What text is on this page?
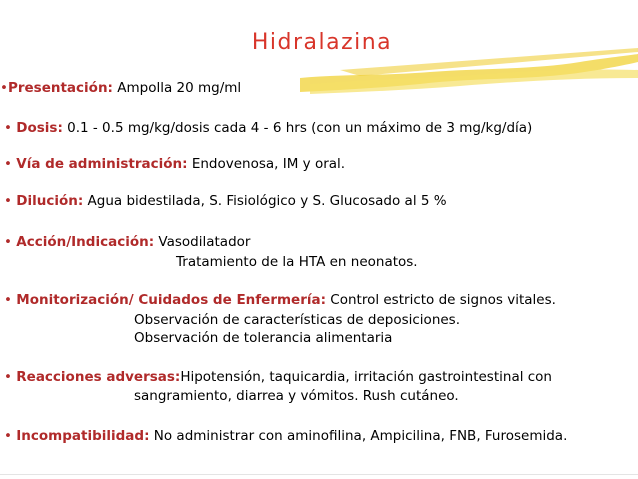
Hidralazina
•Presentación: Ampolla 20 mg/ml
• Dosis: 0.1 - 0.5 mg/kg/dosis cada 4 - 6 hrs (con un máximo de 3 mg/kg/día)
• Vía de administración: Endovenosa, IM y oral.
• Dilución: Agua bidestilada, S. Fisiológico y S. Glucosado al 5 %
• Acción/Indicación: Vasodilatador
Tratamiento de la HTA en neonatos.
• Monitorización/ Cuidados de Enfermería: Control estricto de signos vitales.
Observación de características de deposiciones.
Observación de tolerancia alimentaria
• Reacciones adversas:Hipotensión, taquicardia, irritación gastrointestinal con
sangramiento, diarrea y vómitos. Rush cutáneo.
• Incompatibilidad: No administrar con aminofilina, Ampicilina, FNB, Furosemida.
